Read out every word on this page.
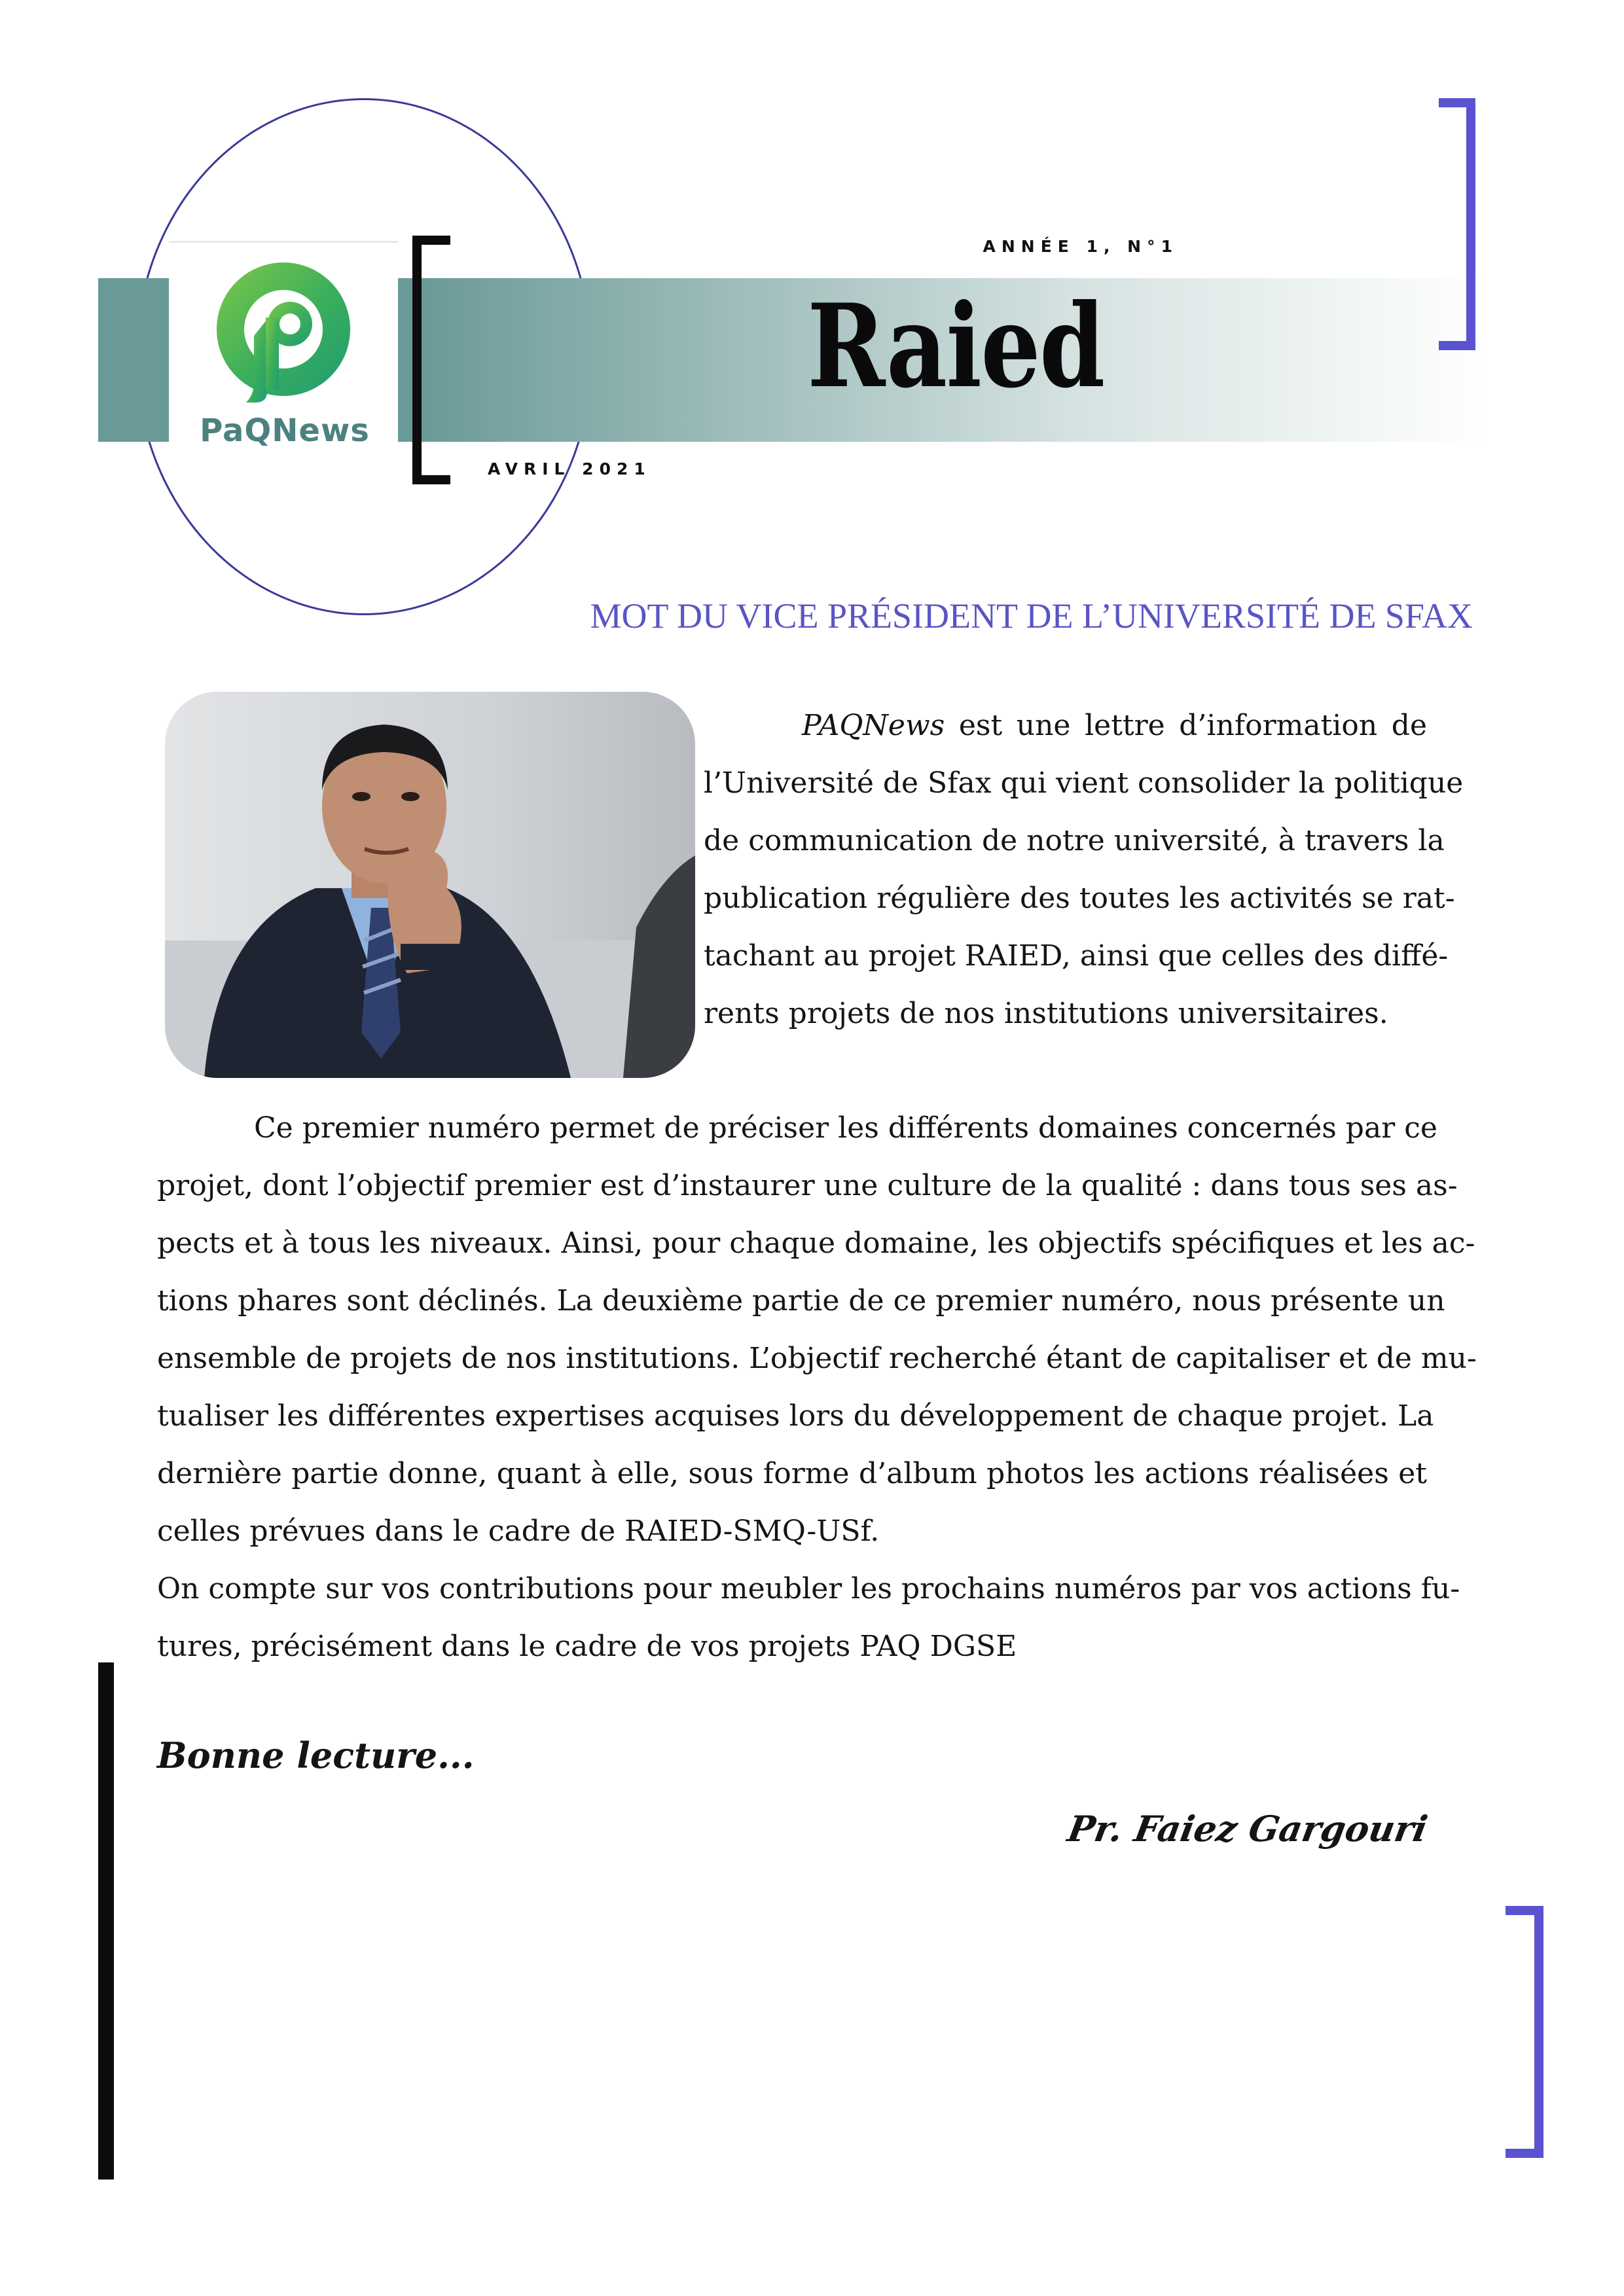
PaQNews
ANNÉE 1, N°1
Raied
AVRIL 2021
MOT DU VICE PRÉSIDENT DE L’UNIVERSITÉ DE SFAX
PAQNews est une lettre d’information de
l’Université de Sfax qui vient consolider la politique
de communication de notre université, à travers la
publication régulière des toutes les activités se rat-
tachant au projet RAIED, ainsi que celles des diffé-
rents projets de nos institutions universitaires.
Ce premier numéro permet de préciser les différents domaines concernés par ce
projet, dont l’objectif premier est d’instaurer une culture de la qualité : dans tous ses as-
pects et à tous les niveaux. Ainsi, pour chaque domaine, les objectifs spécifiques et les ac-
tions phares sont déclinés. La deuxième partie de ce premier numéro, nous présente un
ensemble de projets de nos institutions. L’objectif recherché étant de capitaliser et de mu-
tualiser les différentes expertises acquises lors du développement de chaque projet. La
dernière partie donne, quant à elle, sous forme d’album photos les actions réalisées et
celles prévues dans le cadre de RAIED-SMQ-USf.
On compte sur vos contributions pour meubler les prochains numéros par vos actions fu-
tures, précisément dans le cadre de vos projets PAQ DGSE
Bonne lecture...
Pr. Faiez Gargouri
